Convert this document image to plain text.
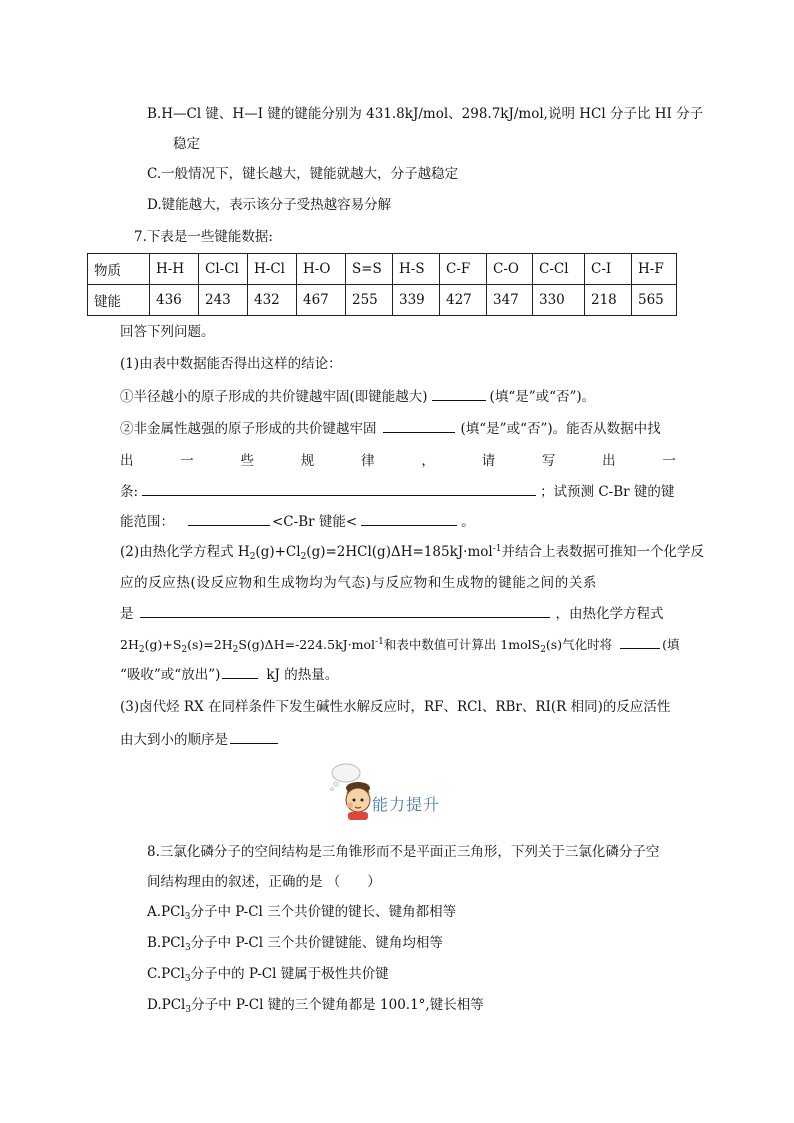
B.H—Cl 键、H—I 键的键能分别为 431.8kJ/mol、298.7kJ/mol,说明 HCl 分子比 HI 分子
稳定
C.一般情况下，键长越大，键能就越大，分子越稳定
D.键能越大，表示该分子受热越容易分解
7.下表是一些键能数据:
物质	H-H	Cl-Cl	H-Cl	H-O	S=S	H-S	C-F	C-O	C-Cl	C-I	H-F
键能	436	243	432	467	255	339	427	347	330	218	565
回答下列问题。
(1)由表中数据能否得出这样的结论：
①半径越小的原子形成的共价键越牢固(即键能越大)	(填“是”或“否”)。
②非金属性越强的原子形成的共价键越牢固	(填“是”或“否”)。能否从数据中找
出	一	些	规	律	，	请	写	出	一
条:	；试预测 C-Br 键的键
能范围：	<C-Br 键能<	。
(2)由热化学方程式 $H_2(g)+Cl_2(g)=2HCl(g)\Delta H=185kJ\cdot mol^{-1}$并结合上表数据可推知一个化学反
应的反应热(设反应物和生成物均为气态)与反应物和生成物的键能之间的关系
是	，由热化学方程式
$2H_2(g)+S_2(s)=2H_2S(g)\Delta H=-224.5kJ\cdot mol^{-1}$和表中数值可计算出 1molS$_2$(s)气化时将	(填
“吸收”或“放出”)	kJ 的热量。
(3)卤代烃 RX 在同样条件下发生碱性水解反应时，RF、RCl、RBr、RI(R 相同)的反应活性
由大到小的顺序是
能力提升
8.三氯化磷分子的空间结构是三角锥形而不是平面正三角形，下列关于三氯化磷分子空
间结构理由的叙述，正确的是 （　　）
A.PCl$_3$分子中 P-Cl 三个共价键的键长、键角都相等
B.PCl$_3$分子中 P-Cl 三个共价键键能、键角均相等
C.PCl$_3$分子中的 P-Cl 键属于极性共价键
D.PCl$_3$分子中 P-Cl 键的三个键角都是 100.1°,键长相等
